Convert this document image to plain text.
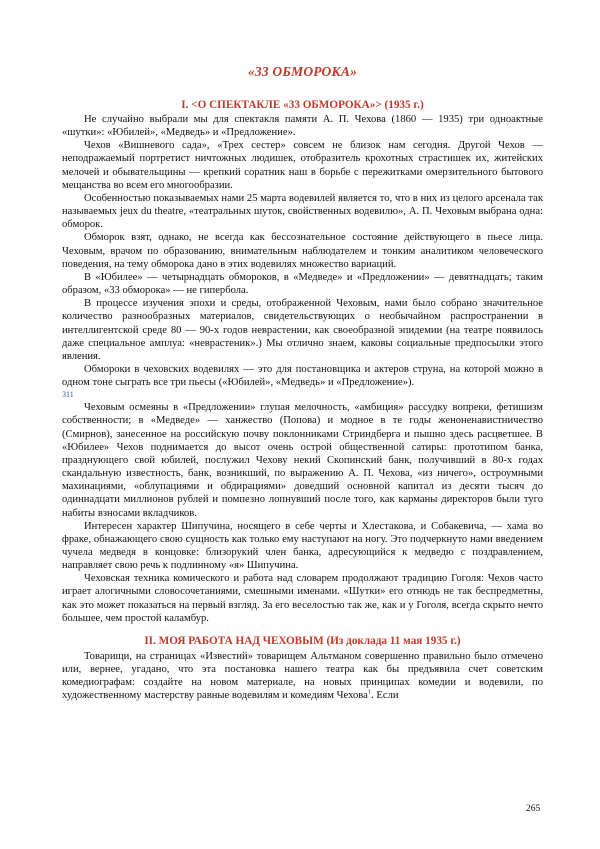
«33 ОБМОРОКА»
I. <О СПЕКТАКЛЕ «33 ОБМОРОКА»> (1935 г.)

Не случайно выбрали мы для спектакля памяти А. П. Чехова (1860 — 1935) три одноактные «шутки»: «Юбилей», «Медведь» и «Предложение».

Чехов «Вишневого сада», «Трех сестер» совсем не близок нам сегодня. Другой Чехов — неподражаемый портретист ничтожных людишек, отобразитель крохотных страстишек их, житейских мелочей и обывательщины — крепкий соратник наш в борьбе с пережитками омерзительного бытового мещанства во всем его многообразии.

Особенностью показываемых нами 25 марта водевилей является то, что в них из целого арсенала так называемых jeux du theatre, «театральных шуток, свойственных водевилю», А. П. Чеховым выбрана одна: обморок.

Обморок взят, однако, не всегда как бессознательное состояние действующего в пьесе лица. Чеховым, врачом по образованию, внимательным наблюдателем и тонким аналитиком человеческого поведения, на тему обморока дано в этих водевилях множество вариаций.

В «Юбилее» — четырнадцать обмороков, в «Медведе» и «Предложении» — девятнадцать; таким образом, «33 обморока» — не гипербола.

В процессе изучения эпохи и среды, отображенной Чеховым, нами было собрано значительное количество разнообразных материалов, свидетельствующих о необычайном распространении в интеллигентской среде 80 — 90-х годов неврастении, как своеобразной эпидемии (на театре появилось даже специальное амплуа: «неврастеник».) Мы отлично знаем, каковы социальные предпосылки этого явления.

Обмороки в чеховских водевилях — это для постановщика и актеров струна, на которой можно в одном тоне сыграть все три пьесы («Юбилей», «Медведь» и «Предложение»).

311

Чеховым осмеяны в «Предложении» глупая мелочность, «амбиция» рассудку вопреки, фетишизм собственности; в «Медведе» — ханжество (Попова) и модное в те годы женоненавистничество (Смирнов), занесенное на российскую почву поклонниками Стриндберга и пышно здесь расцветшее. В «Юбилее» Чехов поднимается до высот очень острой общественной сатиры: прототипом банка, празднующего свой юбилей, послужил Чехову некий Скопинский банк, получивший в 80-х годах скандальную известность, банк, возникший, по выражению А. П. Чехова, «из ничего», остроумными махинациями, «облупациями и обдирациями» доведший основной капитал из десяти тысяч до одиннадцати миллионов рублей и помпезно лопнувший после того, как карманы директоров были туго набиты взносами вкладчиков.

Интересен характер Шипучина, носящего в себе черты и Хлестакова, и Собакевича, — хама во фраке, обнажающего свою сущность как только ему наступают на ногу. Это подчеркнуто нами введением чучела медведя в концовке: близорукий член банка, адресующийся к медведю с поздравлением, направляет свою речь к подлинному «я» Шипучина.

Чеховская техника комического и работа над словарем продолжают традицию Гоголя: Чехов часто играет алогичными словосочетаниями, смешными именами. «Шутки» его отнюдь не так беспредметны, как это может показаться на первый взгляд. За его веселостью так же, как и у Гоголя, всегда скрыто нечто большее, чем простой каламбур.

II. МОЯ РАБОТА НАД ЧЕХОВЫМ (Из доклада 11 мая 1935 г.)

Товарищи, на страницах «Известий» товарищем Альтманом совершенно правильно было отмечено или, вернее, угадано, что эта постановка нашего театра как бы предъявила счет советским комедиографам: создайте на новом материале, на новых принципах комедии и водевили, по художественному мастерству равные водевилям и комедиям Чехова$^1$. Если

265
